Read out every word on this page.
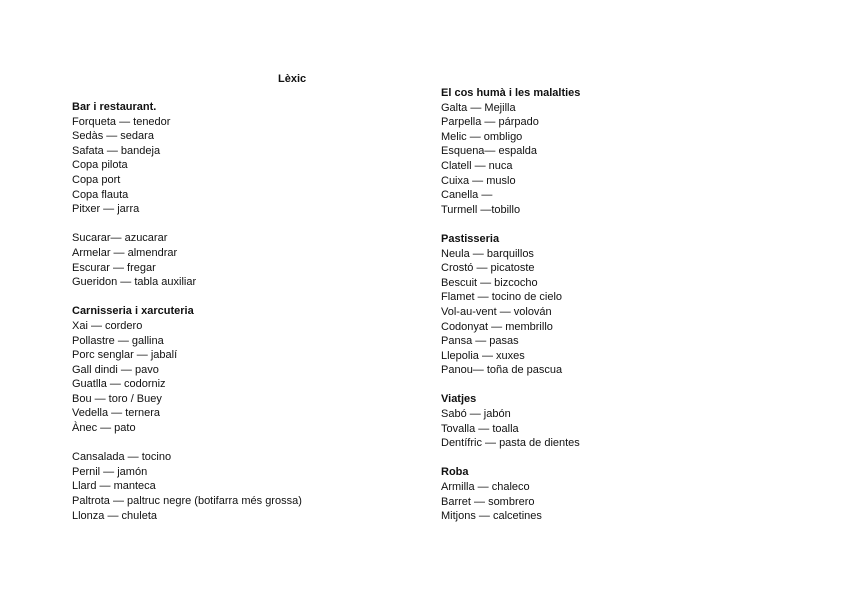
Lèxic
Bar i restaurant.
Forqueta — tenedor
Sedàs — sedara
Safata — bandeja
Copa pilota
Copa port
Copa flauta
Pitxer — jarra
Sucarar— azucarar
Armelar — almendrar
Escurar — fregar
Gueridon — tabla auxiliar
Carnisseria i xarcuteria
Xai — cordero
Pollastre — gallina
Porc senglar — jabalí
Gall dindi — pavo
Guatlla — codorniz
Bou — toro / Buey
Vedella — ternera
Ànec — pato
Cansalada — tocino
Pernil — jamón
Llard — manteca
Paltrota — paltruc negre (botifarra més grossa)
Llonza — chuleta
El cos humà i les malalties
Galta — Mejilla
Parpella — párpado
Melic — ombligo
Esquena— espalda
Clatell — nuca
Cuixa — muslo
Canella —
Turmell —tobillo
Pastisseria
Neula — barquillos
Crostó — picatoste
Bescuit — bizcocho
Flamet — tocino de cielo
Vol-au-vent — volován
Codonyat — membrillo
Pansa — pasas
Llepolia — xuxes
Panou— toña de pascua
Viatjes
Sabó — jabón
Tovalla — toalla
Dentífric — pasta de dientes
Roba
Armilla — chaleco
Barret — sombrero
Mitjons — calcetines
